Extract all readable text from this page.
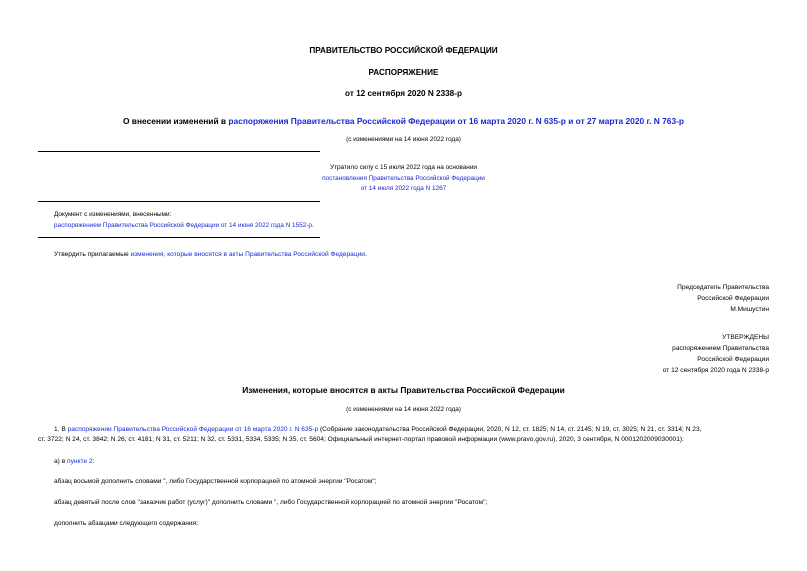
ПРАВИТЕЛЬСТВО РОССИЙСКОЙ ФЕДЕРАЦИИ
РАСПОРЯЖЕНИЕ
от 12 сентября 2020 N 2338-р
О внесении изменений в распоряжения Правительства Российской Федерации от 16 марта 2020 г. N 635-р и от 27 марта 2020 г. N 763-р
(с изменениями на 14 июня 2022 года)
Утратило силу с 15 июля 2022 года на основании
постановления Правительства Российской Федерации
от 14 июля 2022 года N 1267
Документ с изменениями, внесенными:
распоряжением Правительства Российской Федерации от 14 июня 2022 года N 1552-р.
Утвердить прилагаемые изменения, которые вносятся в акты Правительства Российской Федерации.
Председатель Правительства
Российской Федерации
М.Мишустин
УТВЕРЖДЕНЫ
распоряжением Правительства
Российской Федерации
от 12 сентября 2020 года N 2338-р
Изменения, которые вносятся в акты Правительства Российской Федерации
(с изменениями на 14 июня 2022 года)
1. В распоряжении Правительства Российской Федерации от 16 марта 2020 г. N 635-р (Собрание законодательства Российской Федерации, 2020, N 12, ст. 1825; N 14, ст. 2145; N 19, ст. 3025; N 21, ст. 3314; N 23,
ст. 3722; N 24, ст. 3842; N 26, ст. 4181; N 31, ст. 5211; N 32, ст. 5331, 5334, 5335; N 35, ст. 5604; Официальный интернет-портал правовой информации (www.pravo.gov.ru), 2020, 3 сентября, N 0001202009030001):
а) в пункте 2:
абзац восьмой дополнить словами ", либо Государственной корпорацией по атомной энергии "Росатом";
абзац девятый после слов "заказчик работ (услуг)" дополнить словами ", либо Государственной корпорацией по атомной энергии "Росатом";
дополнить абзацами следующего содержания:
